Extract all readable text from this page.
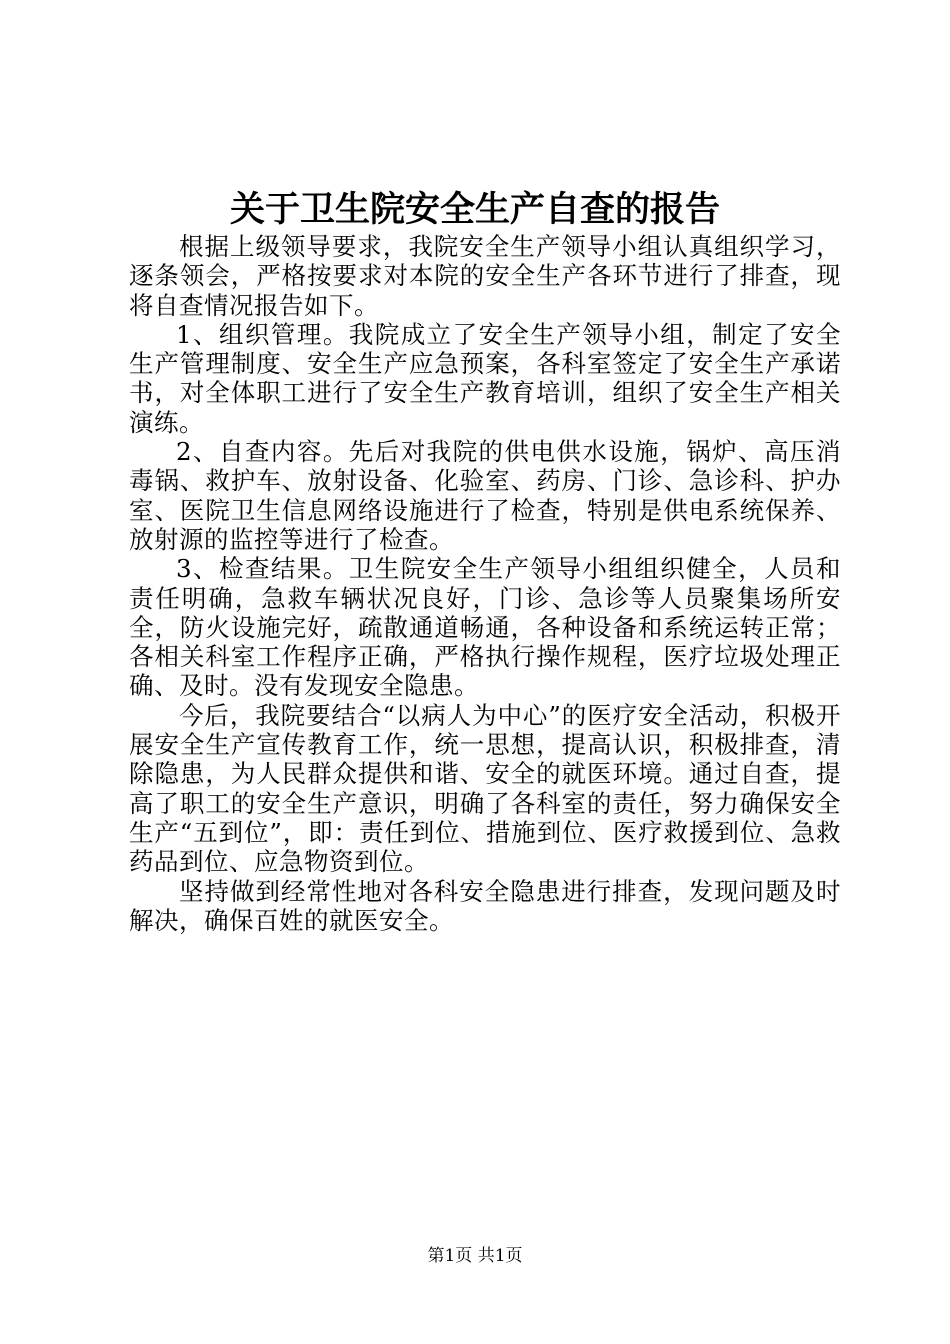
关于卫生院安全生产自查的报告

根据上级领导要求，我院安全生产领导小组认真组织学习，逐条领会，严格按要求对本院的安全生产各环节进行了排查，现将自查情况报告如下。

1、组织管理。我院成立了安全生产领导小组，制定了安全生产管理制度、安全生产应急预案，各科室签定了安全生产承诺书，对全体职工进行了安全生产教育培训，组织了安全生产相关演练。

2、自查内容。先后对我院的供电供水设施，锅炉、高压消毒锅、救护车、放射设备、化验室、药房、门诊、急诊科、护办室、医院卫生信息网络设施进行了检查，特别是供电系统保养、放射源的监控等进行了检查。

3、检查结果。卫生院安全生产领导小组组织健全，人员和责任明确，急救车辆状况良好，门诊、急诊等人员聚集场所安全，防火设施完好，疏散通道畅通，各种设备和系统运转正常；各相关科室工作程序正确，严格执行操作规程，医疗垃圾处理正确、及时。没有发现安全隐患。

今后，我院要结合“以病人为中心”的医疗安全活动，积极开展安全生产宣传教育工作，统一思想，提高认识，积极排查，清除隐患，为人民群众提供和谐、安全的就医环境。通过自查，提高了职工的安全生产意识，明确了各科室的责任，努力确保安全生产“五到位”，即：责任到位、措施到位、医疗救援到位、急救药品到位、应急物资到位。

坚持做到经常性地对各科安全隐患进行排查，发现问题及时解决，确保百姓的就医安全。

第1页 共1页
